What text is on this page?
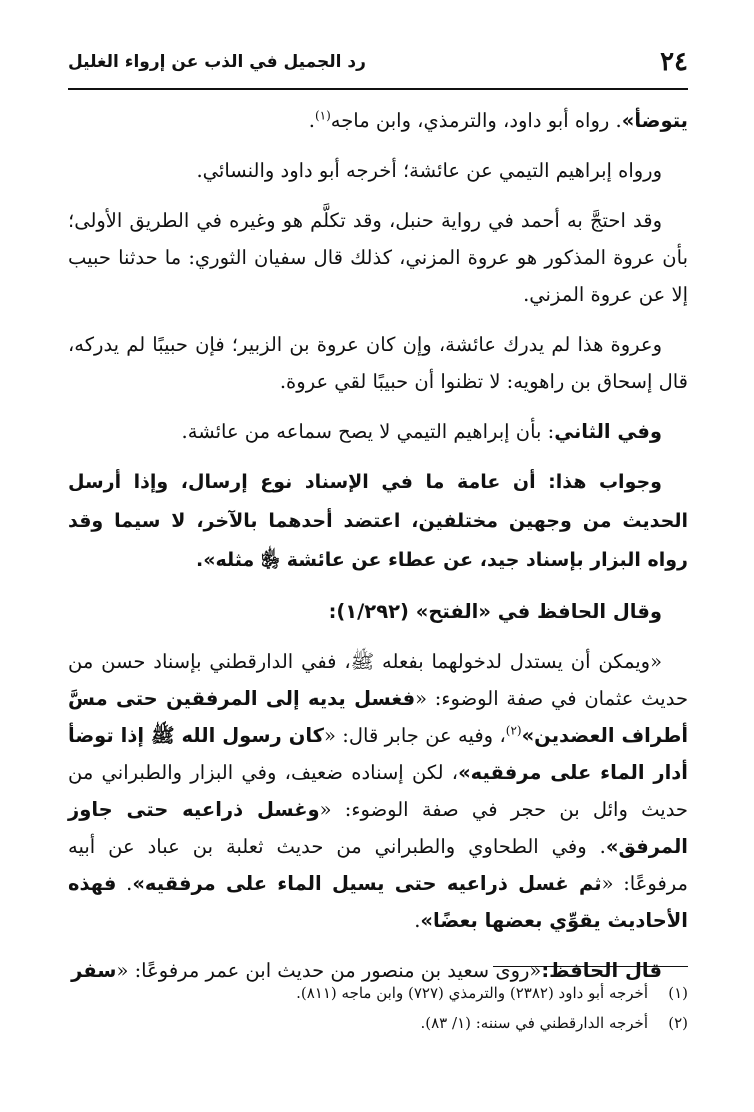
٢٤
رد الجميل في الذب عن إرواء الغليل

يتوضأ». رواه أبو داود، والترمذي، وابن ماجه$^{(١)}$.

ورواه إبراهيم التيمي عن عائشة؛ أخرجه أبو داود والنسائي.

وقد احتجَّ به أحمد في رواية حنبل، وقد تكلَّم هو وغيره في الطريق الأولى؛ بأن عروة المذكور هو عروة المزني، كذلك قال سفيان الثوري: ما حدثنا حبيب إلا عن عروة المزني.

وعروة هذا لم يدرك عائشة، وإن كان عروة بن الزبير؛ فإن حبيبًا لم يدركه، قال إسحاق بن راهويه: لا تظنوا أن حبيبًا لقي عروة.

وفي الثاني: بأن إبراهيم التيمي لا يصح سماعه من عائشة.

وجواب هذا: أن عامة ما في الإسناد نوع إرسال، وإذا أرسل الحديث من وجهين مختلفين، اعتضد أحدهما بالآخر، لا سيما وقد رواه البزار بإسناد جيد، عن عطاء عن عائشة ﵂ مثله».

وقال الحافظ في «الفتح» (١/٢٩٢):

«ويمكن أن يستدل لدخولهما بفعله ﷺ، ففي الدارقطني بإسناد حسن من حديث عثمان في صفة الوضوء: «فغسل يديه إلى المرفقين حتى مسَّ أطراف العضدين»$^{(٢)}$، وفيه عن جابر قال: «كان رسول الله ﷺ إذا توضأ أدار الماء على مرفقيه»، لكن إسناده ضعيف، وفي البزار والطبراني من حديث وائل بن حجر في صفة الوضوء: «وغسل ذراعيه حتى جاوز المرفق». وفي الطحاوي والطبراني من حديث ثعلبة بن عباد عن أبيه مرفوعًا: «ثم غسل ذراعيه حتى يسيل الماء على مرفقيه». فهذه الأحاديث يقوِّي بعضها بعضًا».

قال الحافظ:«روى سعيد بن منصور من حديث ابن عمر مرفوعًا: «سفر

(١)أخرجه أبو داود (٢٣٨٢) والترمذي (٧٢٧) وابن ماجه (٨١١).

(٢)أخرجه الدارقطني في سننه: (١/ ٨٣).
